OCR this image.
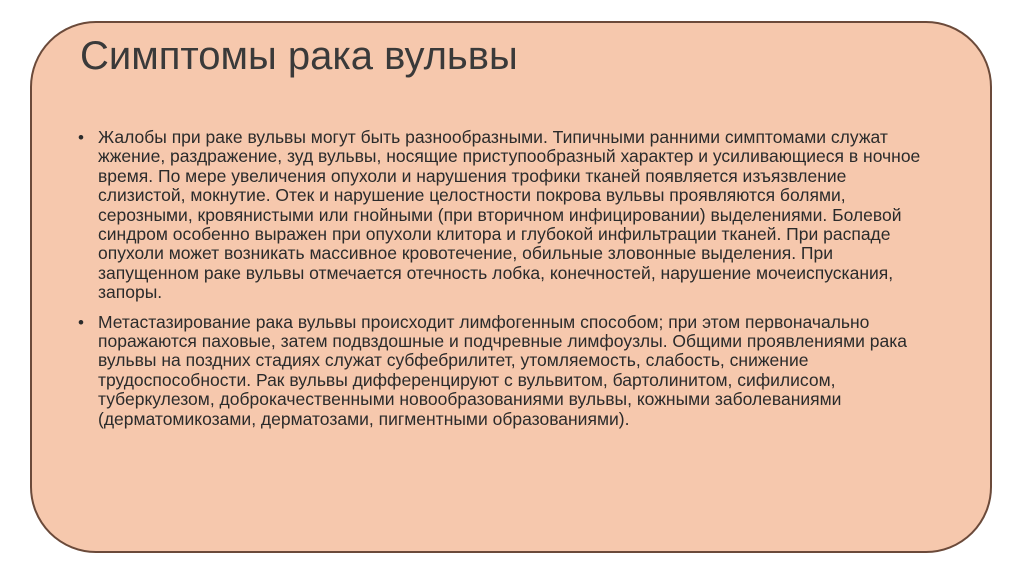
Симптомы рака вульвы
• Жалобы при раке вульвы могут быть разнообразными. Типичными ранними симптомами служат жжение, раздражение, зуд вульвы, носящие приступообразный характер и усиливающиеся в ночное время. По мере увеличения опухоли и нарушения трофики тканей появляется изъязвление слизистой, мокнутие. Отек и нарушение целостности покрова вульвы проявляются болями, серозными, кровянистыми или гнойными (при вторичном инфицировании) выделениями. Болевой синдром особенно выражен при опухоли клитора и глубокой инфильтрации тканей. При распаде опухоли может возникать массивное кровотечение, обильные зловонные выделения. При запущенном раке вульвы отмечается отечность лобка, конечностей, нарушение мочеиспускания, запоры.
• Метастазирование рака вульвы происходит лимфогенным способом; при этом первоначально поражаются паховые, затем подвздошные и подчревные лимфоузлы. Общими проявлениями рака вульвы на поздних стадиях служат субфебрилитет, утомляемость, слабость, снижение трудоспособности. Рак вульвы дифференцируют с вульвитом, бартолинитом, сифилисом, туберкулезом, доброкачественными новообразованиями вульвы, кожными заболеваниями (дерматомикозами, дерматозами, пигментными образованиями).
